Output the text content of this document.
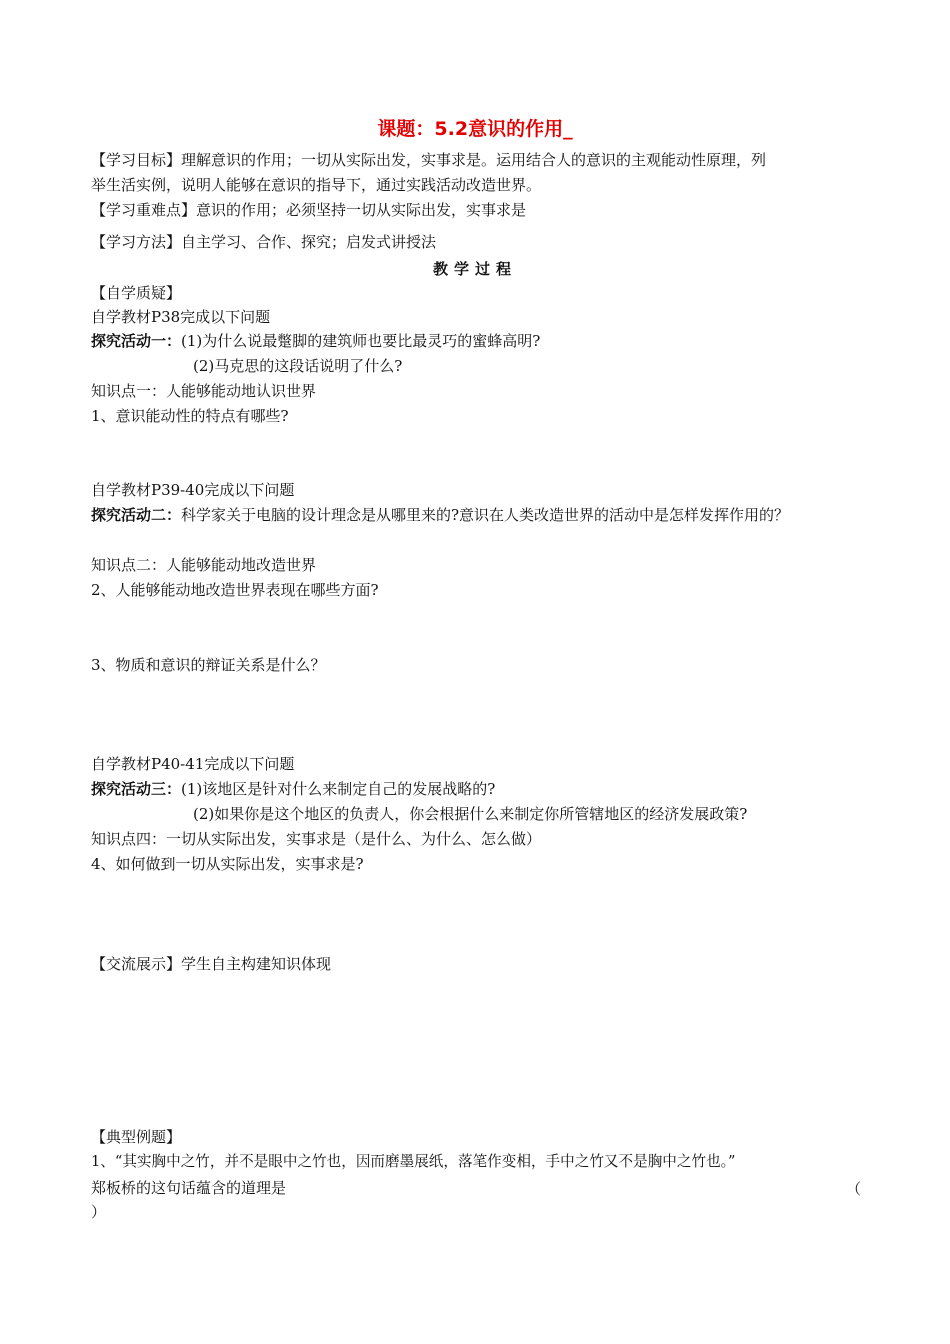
课题：5.2意识的作用_
【学习目标】理解意识的作用；一切从实际出发，实事求是。运用结合人的意识的主观能动性原理，列
举生活实例，说明人能够在意识的指导下，通过实践活动改造世界。
【学习重难点】意识的作用；必须坚持一切从实际出发，实事求是
【学习方法】自主学习、合作、探究；启发式讲授法
教学过程
【自学质疑】
自学教材P38完成以下问题
探究活动一：(1)为什么说最蹩脚的建筑师也要比最灵巧的蜜蜂高明?
(2)马克思的这段话说明了什么?
知识点一：人能够能动地认识世界
1、意识能动性的特点有哪些?
自学教材P39-40完成以下问题
探究活动二：科学家关于电脑的设计理念是从哪里来的?意识在人类改造世界的活动中是怎样发挥作用的？
知识点二：人能够能动地改造世界
2、人能够能动地改造世界表现在哪些方面?
3、物质和意识的辩证关系是什么？
自学教材P40-41完成以下问题
探究活动三：(1)该地区是针对什么来制定自己的发展战略的?
(2)如果你是这个地区的负责人，你会根据什么来制定你所管辖地区的经济发展政策?
知识点四：一切从实际出发，实事求是（是什么、为什么、怎么做）
4、如何做到一切从实际出发，实事求是?
【交流展示】学生自主构建知识体现
【典型例题】
1、“其实胸中之竹，并不是眼中之竹也，因而磨墨展纸，落笔作变相，手中之竹又不是胸中之竹也。”
郑板桥的这句话蕴含的道理是	（
）
